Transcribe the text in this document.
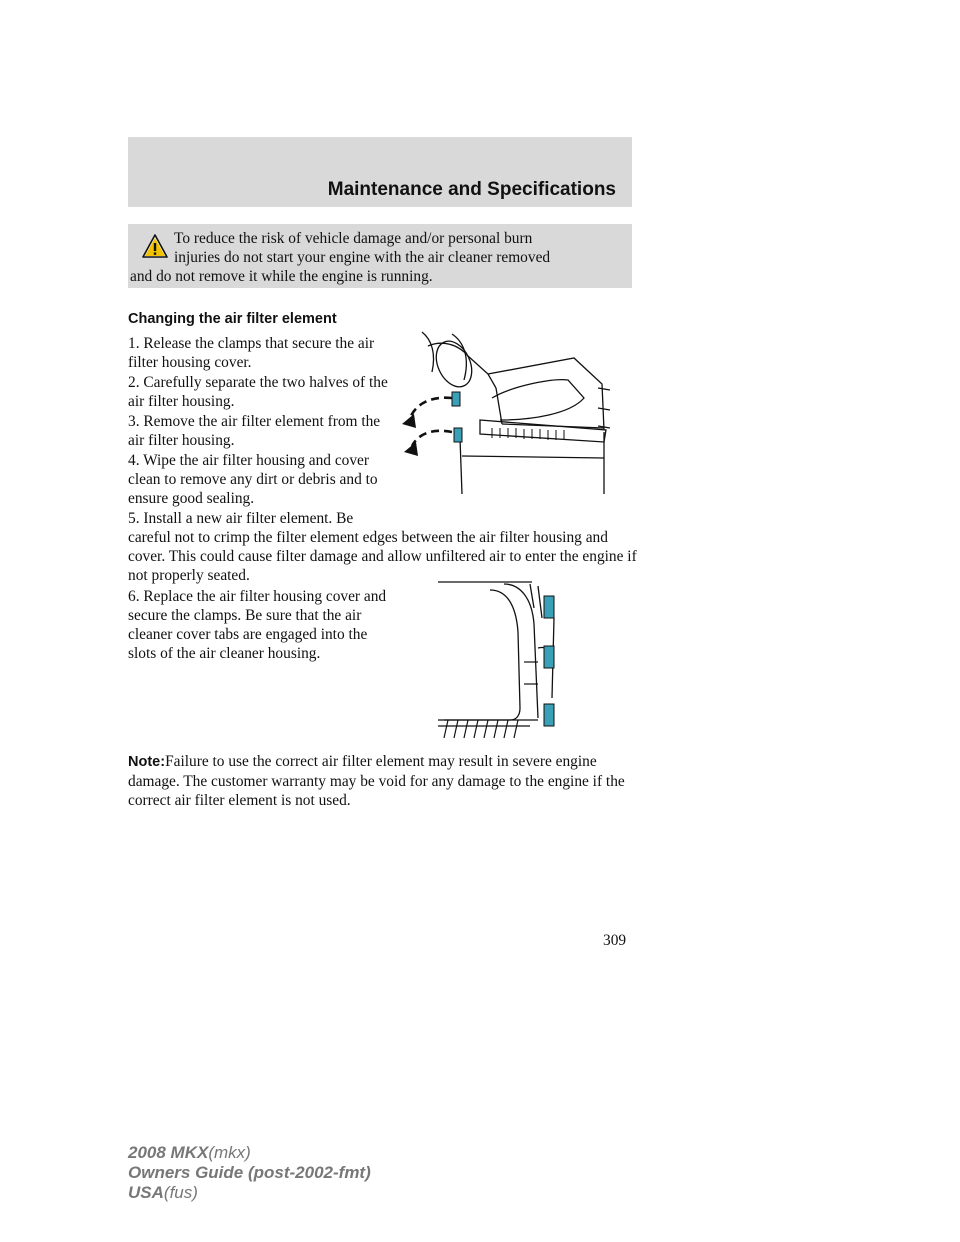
Maintenance and Specifications
To reduce the risk of vehicle damage and/or personal burn
injuries do not start your engine with the air cleaner removed
and do not remove it while the engine is running.
Changing the air filter element
1. Release the clamps that secure the air filter housing cover.
2. Carefully separate the two halves of the air filter housing.
3. Remove the air filter element from the air filter housing.
4. Wipe the air filter housing and cover clean to remove any dirt or debris and to ensure good sealing.
5. Install a new air filter element. Be
careful not to crimp the filter element edges between the air filter housing and cover. This could cause filter damage and allow unfiltered air to enter the engine if not properly seated.
6. Replace the air filter housing cover and secure the clamps. Be sure that the air cleaner cover tabs are engaged into the slots of the air cleaner housing.
Note:Failure to use the correct air filter element may result in severe engine damage. The customer warranty may be void for any damage to the engine if the correct air filter element is not used.
309
2008 MKX(mkx)
Owners Guide (post-2002-fmt)
USA(fus)
